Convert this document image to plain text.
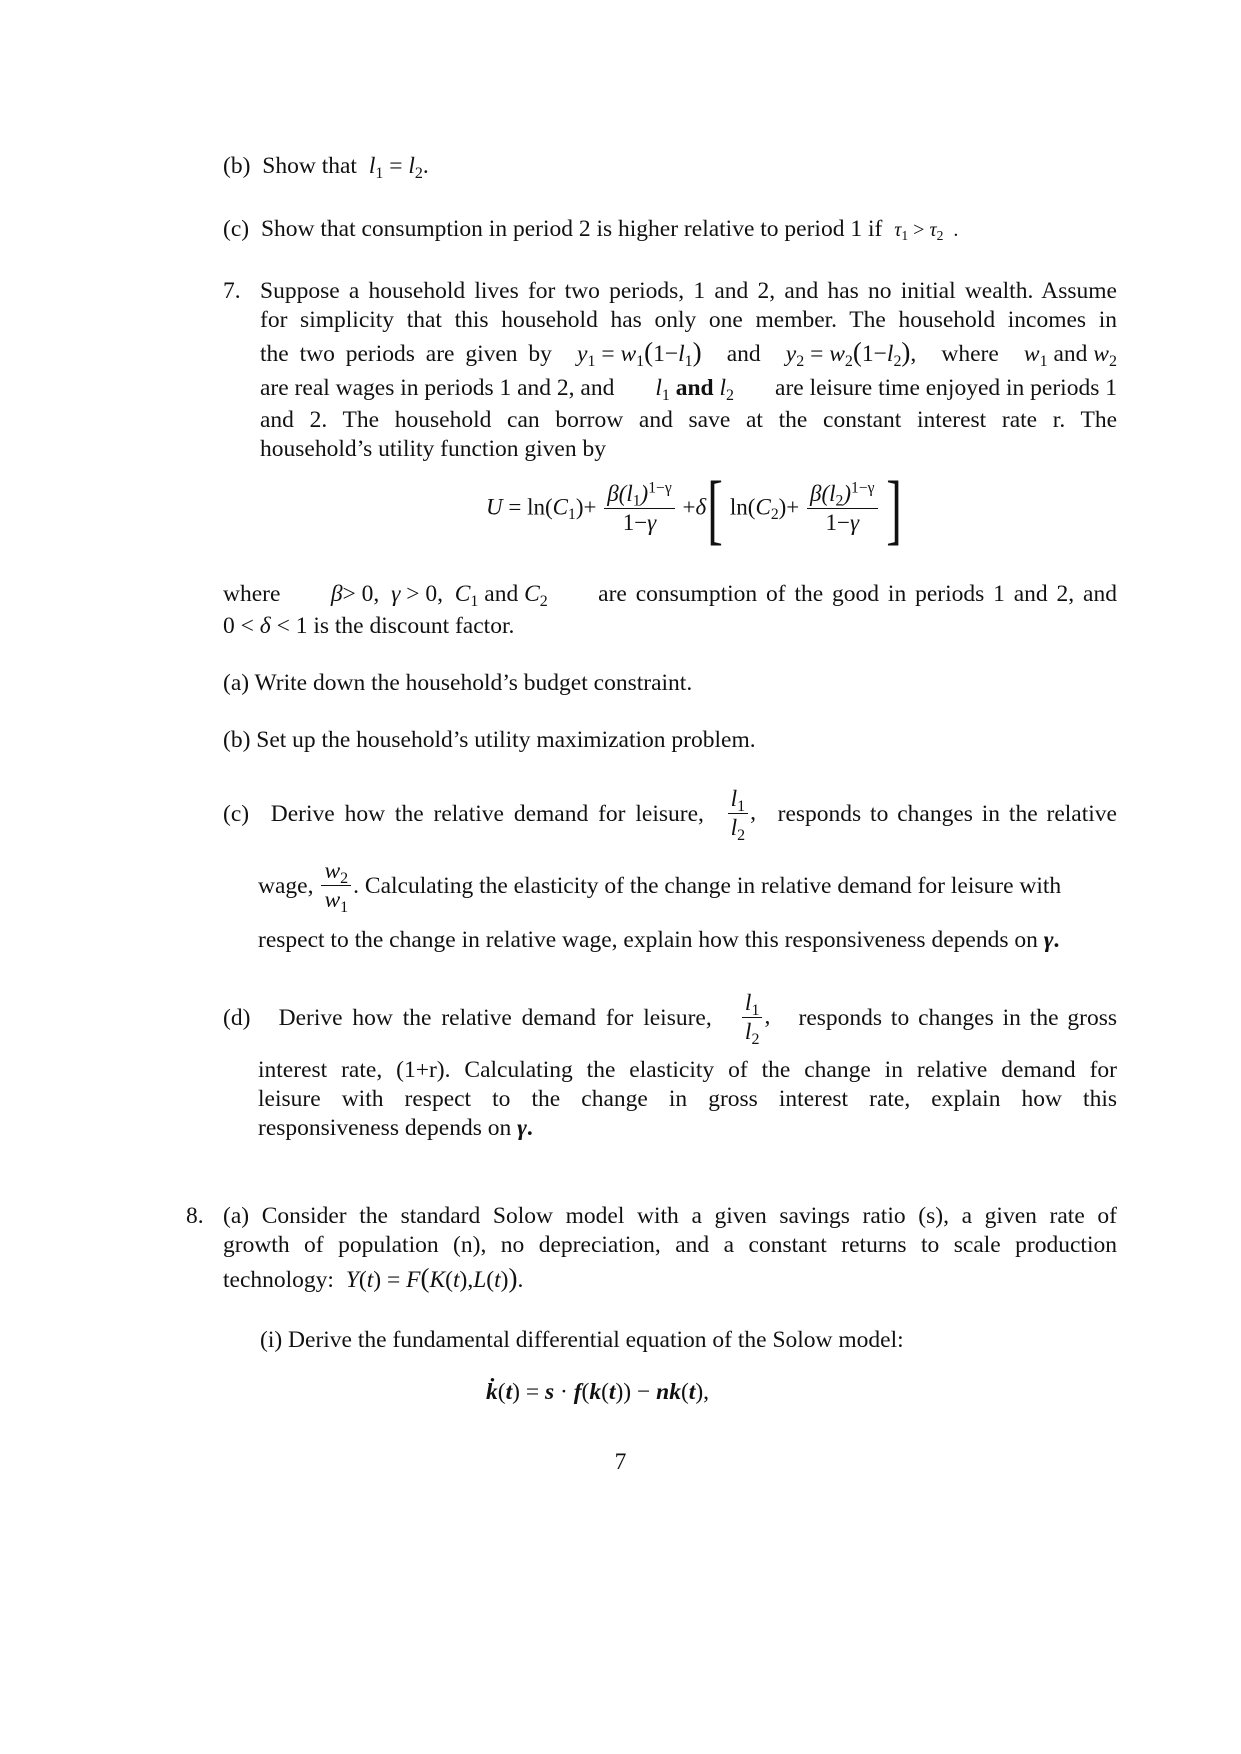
(b) Show that $l_1 = l_2$.
(c) Show that consumption in period 2 is higher relative to period 1 if $\tau_1 > \tau_2$  .
7. Suppose a household lives for two periods, 1 and 2, and has no initial wealth. Assume
for simplicity that this household has only one member. The household incomes in
the two periods are given by $y_1 = w_1(1-l_1)$ and $y_2 = w_2(1-l_2)$, where $w_1$ and $w_2$
are real wages in periods 1 and 2, and $l_1$ and $l_2$ are leisure time enjoyed in periods 1
and 2. The household can borrow and save at the constant interest rate r. The
household’s utility function given by
$U = \ln(C_1)+ \frac{\beta(l_1)^{1-\gamma}}{1-\gamma} +\delta$[ $\ln(C_2)+ \frac{\beta(l_2)^{1-\gamma}}{1-\gamma}$ ]
where β> 0,  γ > 0,  $C_1$ and $C_2$ are consumption of the good in periods 1 and 2, and
0 < δ < 1 is the discount factor.
(a) Write down the household’s budget constraint.
(b) Set up the household’s utility maximization problem.
(c) Derive how the relative demand for leisure, $\frac{l_1}{l_2}$ , responds to changes in the relative
wage, $\frac{w_2}{w_1}$ . Calculating the elasticity of the change in relative demand for leisure with
respect to the change in relative wage, explain how this responsiveness depends on γ.
(d) Derive how the relative demand for leisure, $\frac{l_1}{l_2}$ , responds to changes in the gross
interest rate, (1+r). Calculating the elasticity of the change in relative demand for
leisure with respect to the change in gross interest rate, explain how this
responsiveness depends on γ.
8. (a) Consider the standard Solow model with a given savings ratio (s), a given rate of
growth of population (n), no depreciation, and a constant returns to scale production
technology: Y(t) = F(K(t),L(t)).
(i) Derive the fundamental differential equation of the Solow model:
k̇(t) = s · f(k(t)) − nk(t),
7
